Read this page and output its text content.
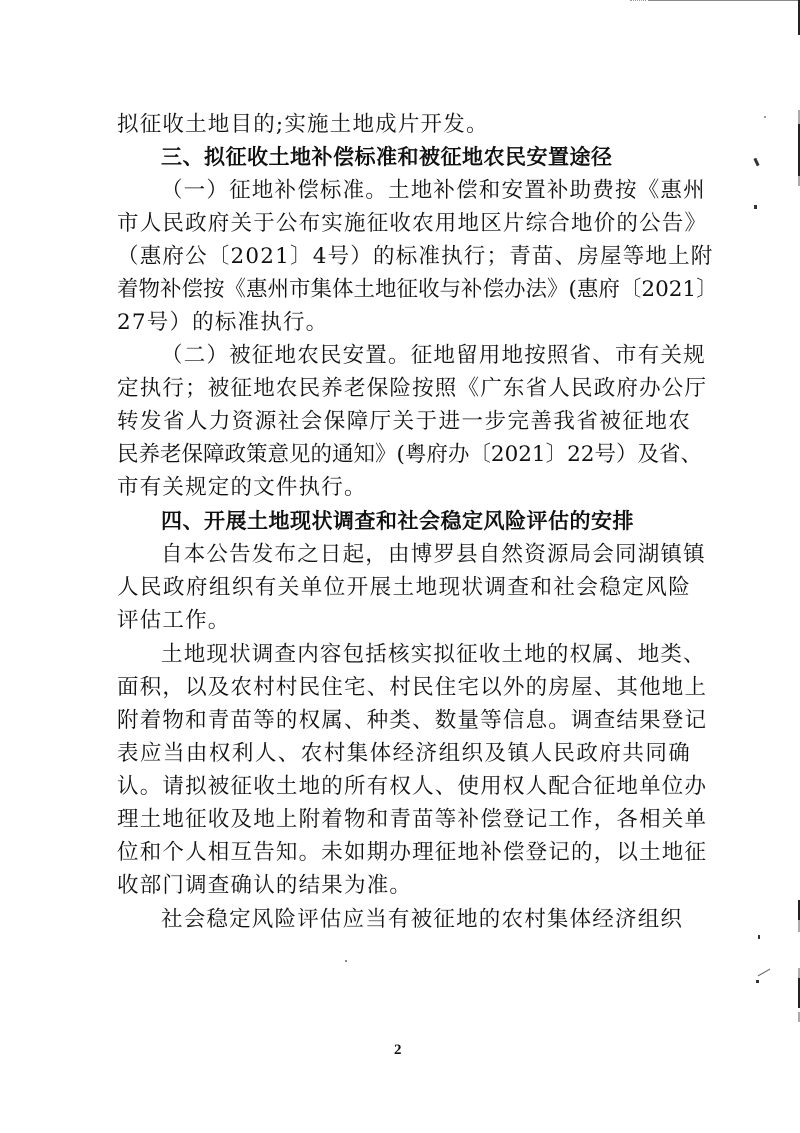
拟征收土地目的;实施土地成片开发。
三、拟征收土地补偿标准和被征地农民安置途径
（一）征地补偿标准。土地补偿和安置补助费按《惠州
市人民政府关于公布实施征收农用地区片综合地价的公告》
（惠府公〔2021〕4号）的标准执行；青苗、房屋等地上附
着物补偿按《惠州市集体土地征收与补偿办法》(惠府〔2021〕
27号）的标准执行。
（二）被征地农民安置。征地留用地按照省、市有关规
定执行；被征地农民养老保险按照《广东省人民政府办公厅
转发省人力资源社会保障厅关于进一步完善我省被征地农
民养老保障政策意见的通知》(粤府办〔2021〕22号）及省、
市有关规定的文件执行。
四、开展土地现状调查和社会稳定风险评估的安排
自本公告发布之日起，由博罗县自然资源局会同湖镇镇
人民政府组织有关单位开展土地现状调查和社会稳定风险
评估工作。
土地现状调查内容包括核实拟征收土地的权属、地类、
面积，以及农村村民住宅、村民住宅以外的房屋、其他地上
附着物和青苗等的权属、种类、数量等信息。调查结果登记
表应当由权利人、农村集体经济组织及镇人民政府共同确
认。请拟被征收土地的所有权人、使用权人配合征地单位办
理土地征收及地上附着物和青苗等补偿登记工作，各相关单
位和个人相互告知。未如期办理征地补偿登记的，以土地征
收部门调查确认的结果为准。
社会稳定风险评估应当有被征地的农村集体经济组织
2
